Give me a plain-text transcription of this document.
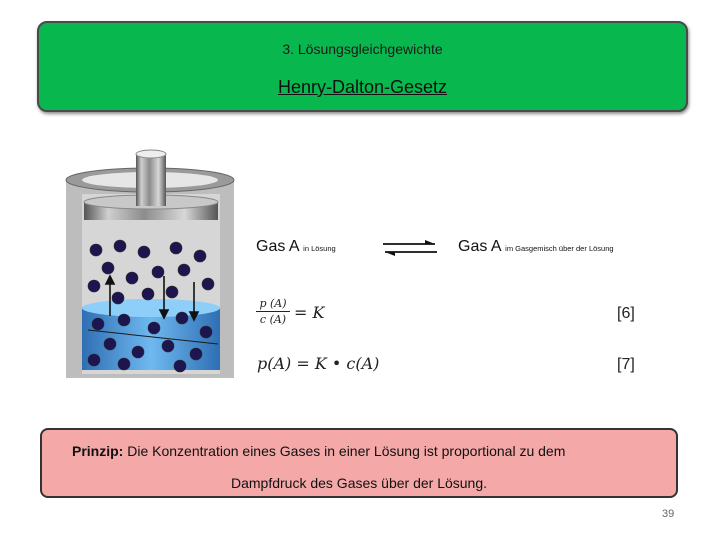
3. Lösungsgleichgewichte
Henry-Dalton-Gesetz
Gas A in Lösung	⇌ Gas A im Gasgemisch über der Lösung
$\frac{p (A)}{c (A)} = K$	[6]
p(A) = K • c(A)	[7]
Prinzip: Die Konzentration eines Gases in einer Lösung ist proportional zu dem
Dampfdruck des Gases über der Lösung.
39
